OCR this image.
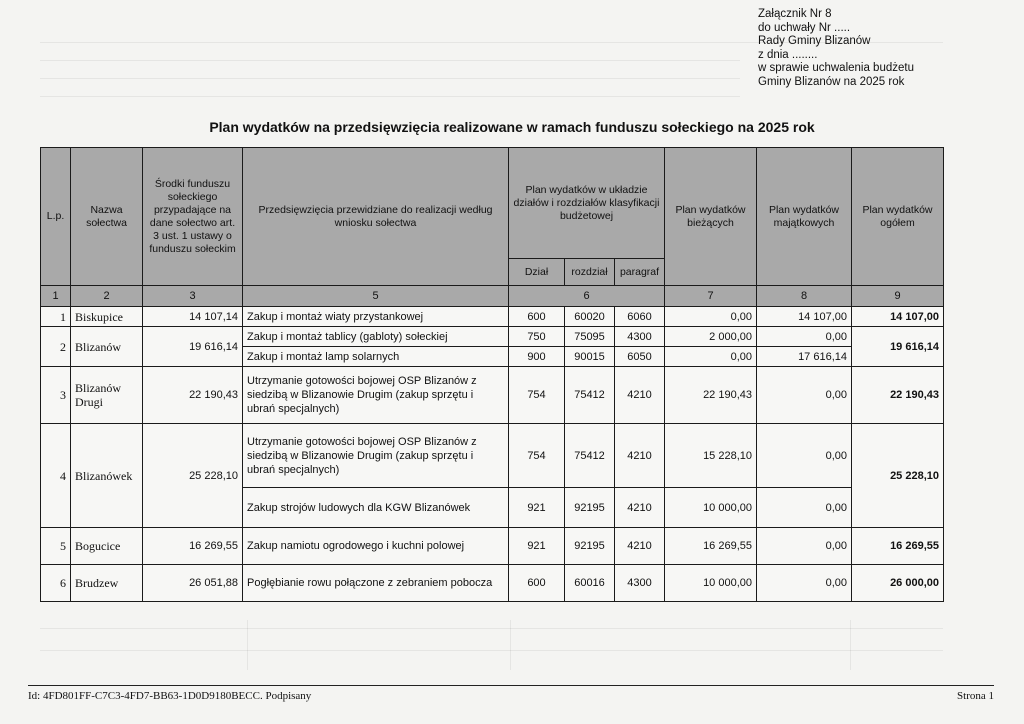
Załącznik Nr 8
do uchwały Nr .....
Rady Gminy Blizanów
z dnia ........
w sprawie uchwalenia budżetu
Gminy Blizanów na 2025 rok
Plan wydatków na przedsięwzięcia realizowane w ramach funduszu sołeckiego na 2025 rok
L.p.	Nazwa sołectwa	Środki funduszu sołeckiego przypadające na dane sołectwo art. 3 ust. 1 ustawy o funduszu sołeckim	Przedsięwzięcia przewidziane do realizacji według wniosku sołectwa	Plan wydatków w układzie działów i rozdziałów klasyfikacji budżetowej			Plan wydatków bieżących	Plan wydatków majątkowych	Plan wydatków ogółem
				Dział	rozdział	paragraf			
1	2	3	5	6			7	8	9
1	Biskupice	14 107,14	Zakup i montaż wiaty przystankowej	600	60020	6060	0,00	14 107,00	14 107,00
2	Blizanów	19 616,14	Zakup i montaż tablicy (gabloty) sołeckiej	750	75095	4300	2 000,00	0,00	19 616,14
			Zakup i montaż lamp solarnych	900	90015	6050	0,00	17 616,14	
3	Blizanów Drugi	22 190,43	Utrzymanie gotowości bojowej OSP Blizanów z siedzibą w Blizanowie Drugim (zakup sprzętu i ubrań specjalnych)	754	75412	4210	22 190,43	0,00	22 190,43
4	Blizanówek	25 228,10	Utrzymanie gotowości bojowej OSP Blizanów z siedzibą w Blizanowie Drugim (zakup sprzętu i ubrań specjalnych)	754	75412	4210	15 228,10	0,00	25 228,10
			Zakup strojów ludowych dla KGW Blizanówek	921	92195	4210	10 000,00	0,00	
5	Bogucice	16 269,55	Zakup namiotu ogrodowego i kuchni polowej	921	92195	4210	16 269,55	0,00	16 269,55
6	Brudzew	26 051,88	Pogłębianie rowu połączone z zebraniem pobocza	600	60016	4300	10 000,00	0,00	26 000,00
Id: 4FD801FF-C7C3-4FD7-BB63-1D0D9180BECC. Podpisany	Strona 1
